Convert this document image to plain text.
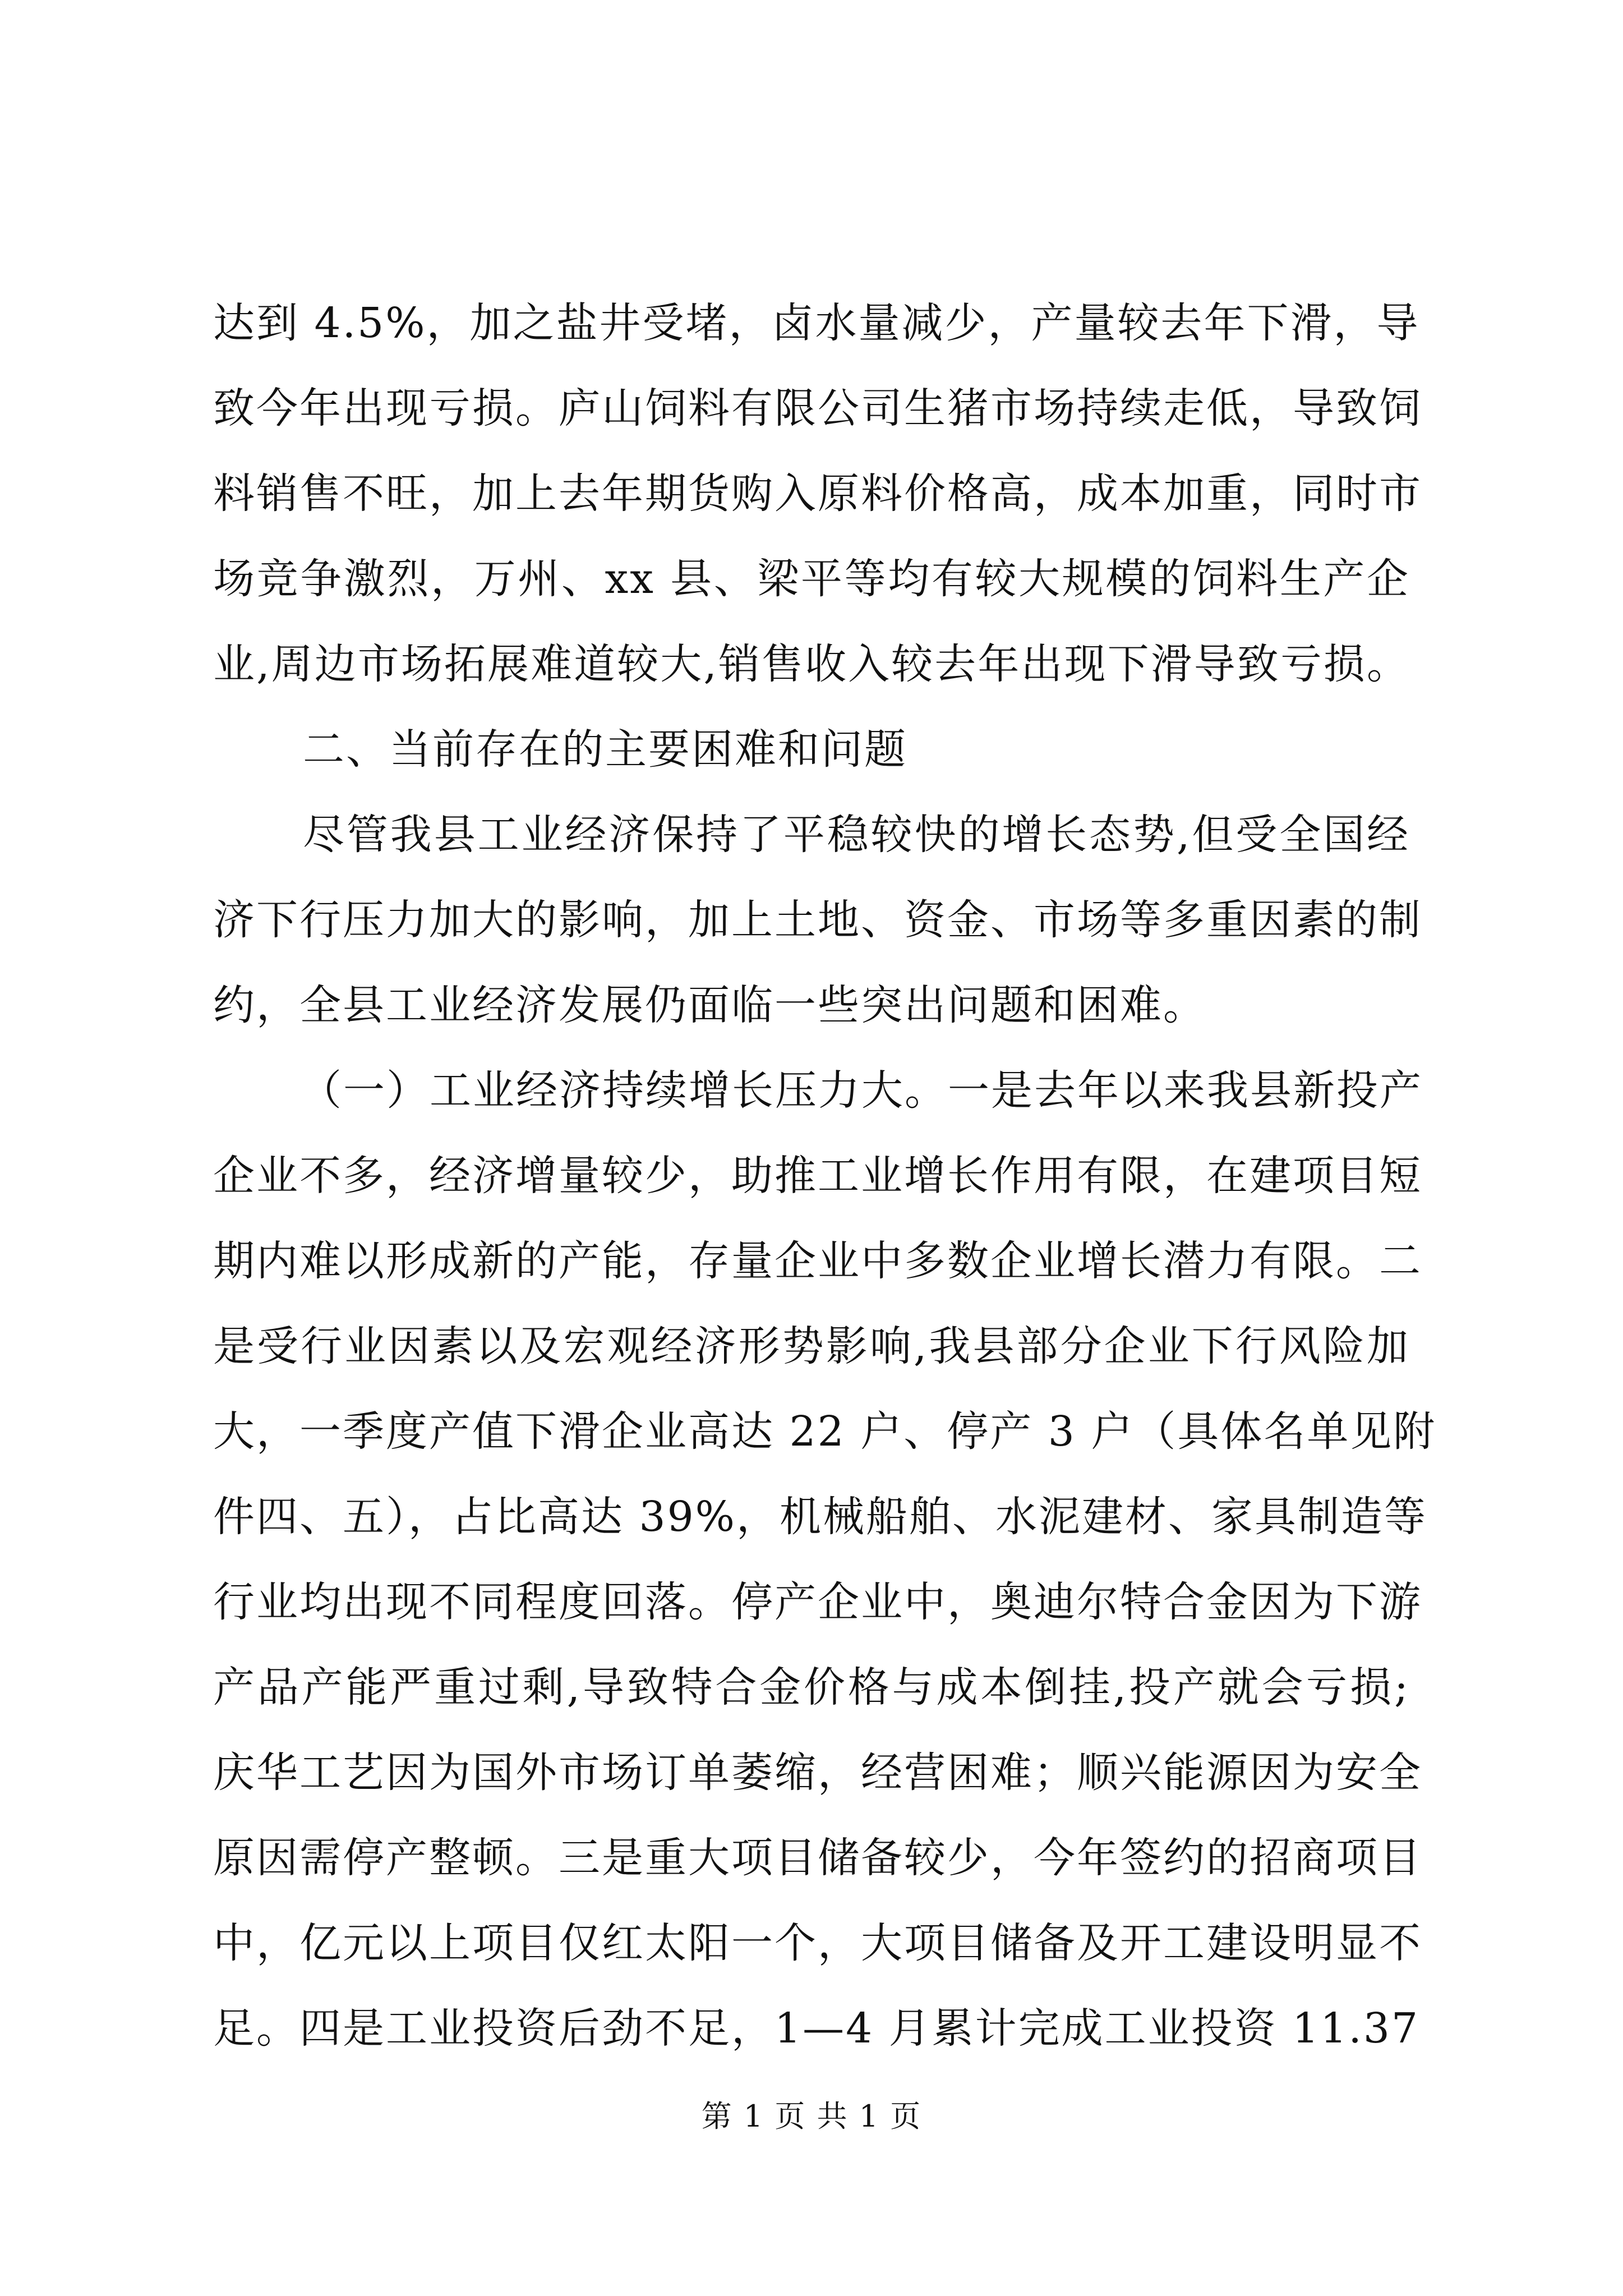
达到 4.5%，加之盐井受堵，卤水量减少，产量较去年下滑，导
致今年出现亏损。庐山饲料有限公司生猪市场持续走低，导致饲
料销售不旺，加上去年期货购入原料价格高，成本加重，同时市
场竞争激烈，万州、xx 县、梁平等均有较大规模的饲料生产企
业,周边市场拓展难道较大,销售收入较去年出现下滑导致亏损。
二、当前存在的主要困难和问题
尽管我县工业经济保持了平稳较快的增长态势,但受全国经
济下行压力加大的影响，加上土地、资金、市场等多重因素的制
约，全县工业经济发展仍面临一些突出问题和困难。
（一）工业经济持续增长压力大。一是去年以来我县新投产
企业不多，经济增量较少，助推工业增长作用有限，在建项目短
期内难以形成新的产能，存量企业中多数企业增长潜力有限。二
是受行业因素以及宏观经济形势影响,我县部分企业下行风险加
大，一季度产值下滑企业高达 22 户、停产 3 户（具体名单见附
件四、五），占比高达 39%，机械船舶、水泥建材、家具制造等
行业均出现不同程度回落。停产企业中，奥迪尔特合金因为下游
产品产能严重过剩,导致特合金价格与成本倒挂,投产就会亏损;
庆华工艺因为国外市场订单萎缩，经营困难；顺兴能源因为安全
原因需停产整顿。三是重大项目储备较少，今年签约的招商项目
中，亿元以上项目仅红太阳一个，大项目储备及开工建设明显不
足。四是工业投资后劲不足，1—4 月累计完成工业投资 11.37
第 1 页 共 1 页
